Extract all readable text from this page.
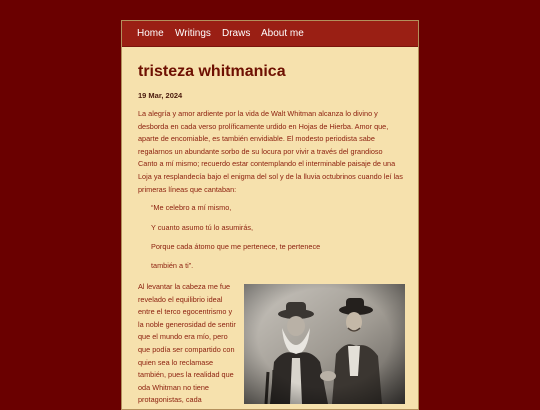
Home Writings Draws About me
tristeza whitmanica
19 Mar, 2024

La alegría y amor ardiente por la vida de Walt Whitman alcanza lo divino y desborda en cada verso prolíficamente urdido en Hojas de Hierba. Amor que, aparte de encomiable, es también envidiable. El modesto periodista sabe regalarnos un abundante sorbo de su locura por vivir a través del grandioso Canto a mí mismo; recuerdo estar contemplando el interminable paisaje de una Loja ya resplandecía bajo el enigma del sol y de la lluvia octubrinos cuando leí las primeras líneas que cantaban:

“Me celebro a mí mismo,

Y cuanto asumo tú lo asumirás,

Porque cada átomo que me pertenece, te pertenece

también a ti”.

Al levantar la cabeza me fue revelado el equilibrio ideal entre el terco egocentrismo y la noble generosidad de sentir que el mundo era mío, pero que podía ser compartido con quien sea lo reclamase también, pues la realidad que oda Whitman no tiene protagonistas, cada
